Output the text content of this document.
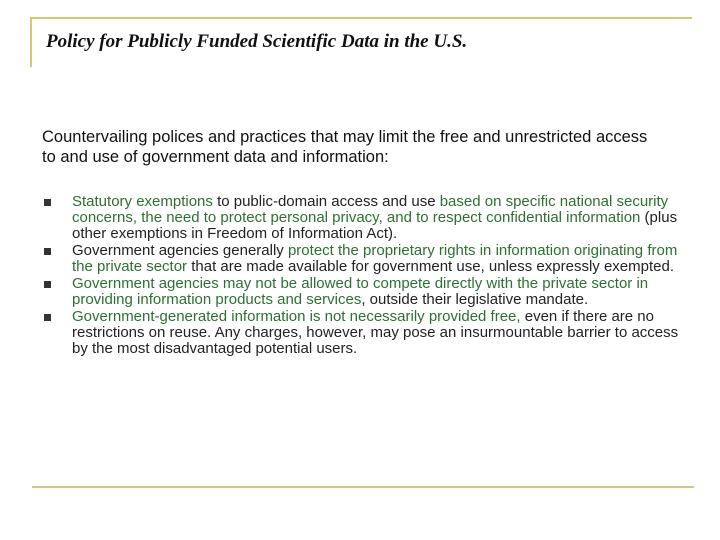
Policy for Publicly Funded Scientific Data in the U.S.
Countervailing polices and practices that may limit the free and unrestricted access to and use of government data and information:
Statutory exemptions to public-domain access and use based on specific national security concerns, the need to protect personal privacy, and to respect confidential information (plus other exemptions in Freedom of Information Act).
Government agencies generally protect the proprietary rights in information originating from the private sector that are made available for government use, unless expressly exempted.
Government agencies may not be allowed to compete directly with the private sector in providing information products and services, outside their legislative mandate.
Government-generated information is not necessarily provided free, even if there are no restrictions on reuse. Any charges, however, may pose an insurmountable barrier to access by the most disadvantaged potential users.
